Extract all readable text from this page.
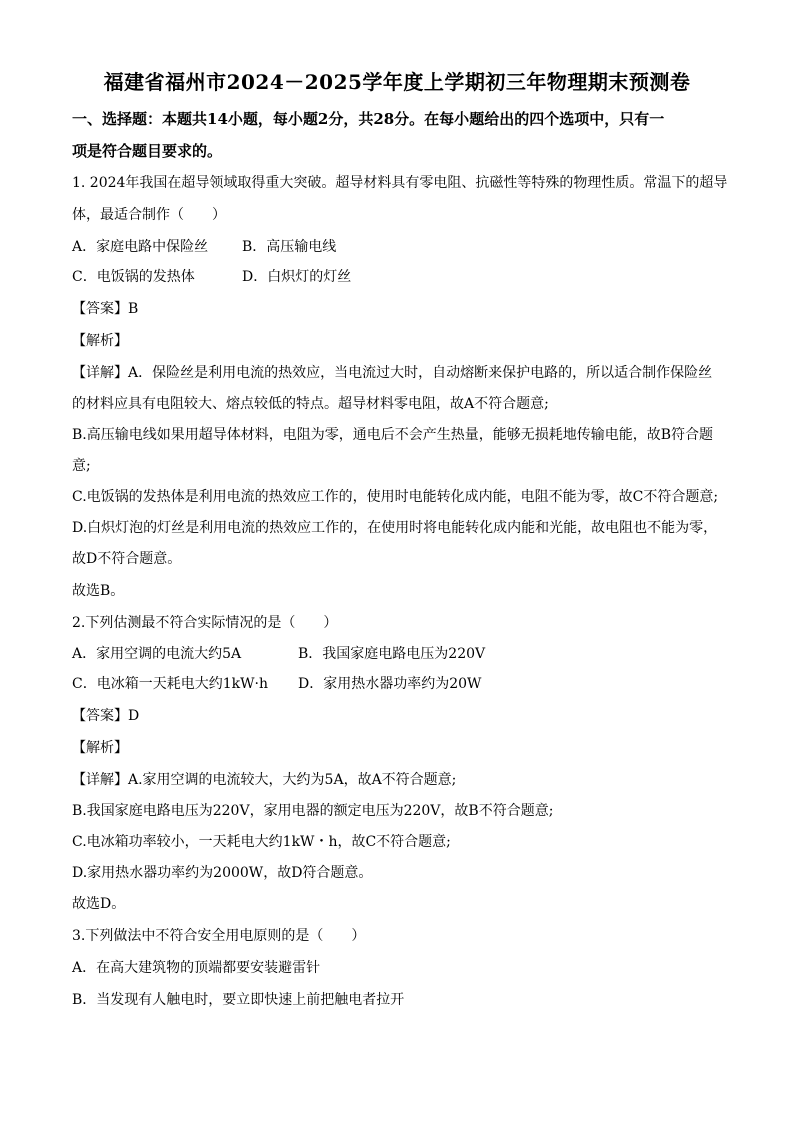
福建省福州市2024－2025学年度上学期初三年物理期末预测卷
一、选择题：本题共14小题，每小题2分，共28分。在每小题给出的四个选项中，只有一
项是符合题目要求的。
1. 2024年我国在超导领域取得重大突破。超导材料具有零电阻、抗磁性等特殊的物理性质。常温下的超导
体，最适合制作（　　）
A．家庭电路中保险丝 B．高压输电线
C．电饭锅的发热体	D．白炽灯的灯丝
【答案】B
【解析】
【详解】A．保险丝是利用电流的热效应，当电流过大时，自动熔断来保护电路的，所以适合制作保险丝
的材料应具有电阻较大、熔点较低的特点。超导材料零电阻，故A不符合题意;
B.高压输电线如果用超导体材料，电阻为零，通电后不会产生热量，能够无损耗地传输电能，故B符合题
意;
C.电饭锅的发热体是利用电流的热效应工作的，使用时电能转化成内能，电阻不能为零，故C不符合题意;
D.白炽灯泡的灯丝是利用电流的热效应工作的，在使用时将电能转化成内能和光能，故电阻也不能为零，
故D不符合题意。
故选B。
2.下列估测最不符合实际情况的是（　　）
A．家用空调的电流大约5A	B．我国家庭电路电压为220V
C．电冰箱一天耗电大约1kW·h D．家用热水器功率约为20W
【答案】D
【解析】
【详解】A.家用空调的电流较大，大约为5A，故A不符合题意;
B.我国家庭电路电压为220V，家用电器的额定电压为220V，故B不符合题意;
C.电冰箱功率较小，一天耗电大约1kW・h，故C不符合题意;
D.家用热水器功率约为2000W，故D符合题意。
故选D。
3.下列做法中不符合安全用电原则的是（　　）
A．在高大建筑物的顶端都要安装避雷针
B．当发现有人触电时，要立即快速上前把触电者拉开
